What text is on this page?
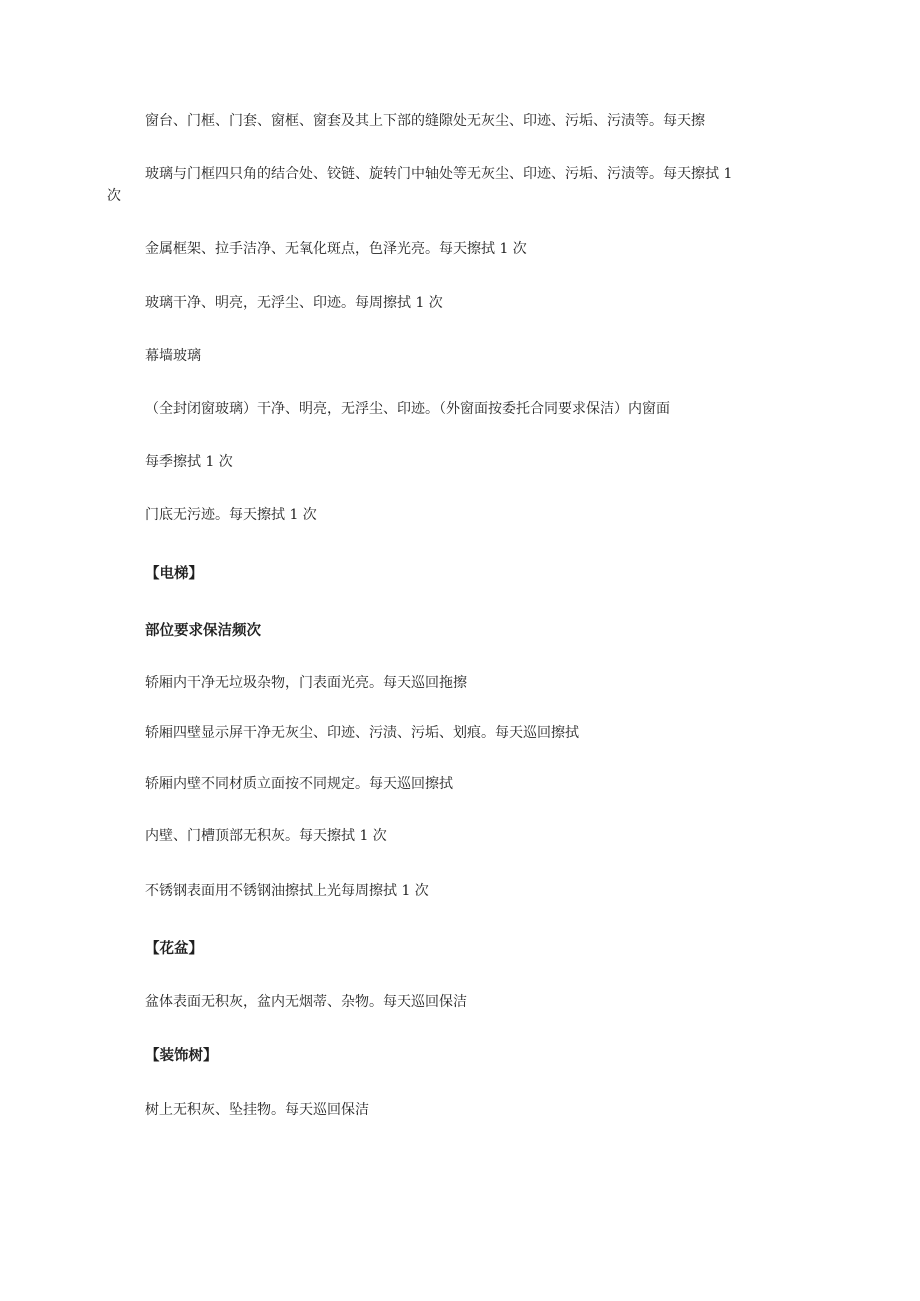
窗台、门框、门套、窗框、窗套及其上下部的缝隙处无灰尘、印迹、污垢、污渍等。每天擦
玻璃与门框四只角的结合处、铰链、旋转门中轴处等无灰尘、印迹、污垢、污渍等。每天擦拭 1
次
金属框架、拉手洁净、无氧化斑点，色泽光亮。每天擦拭 1 次
玻璃干净、明亮，无浮尘、印迹。每周擦拭 1 次
幕墙玻璃
（全封闭窗玻璃）干净、明亮，无浮尘、印迹。（外窗面按委托合同要求保洁）内窗面
每季擦拭 1 次
门底无污迹。每天擦拭 1 次
【电梯】
部位要求保洁频次
轿厢内干净无垃圾杂物，门表面光亮。每天巡回拖擦
轿厢四壁显示屏干净无灰尘、印迹、污渍、污垢、划痕。每天巡回擦拭
轿厢内壁不同材质立面按不同规定。每天巡回擦拭
内壁、门槽顶部无积灰。每天擦拭 1 次
不锈钢表面用不锈钢油擦拭上光每周擦拭 1 次
【花盆】
盆体表面无积灰，盆内无烟蒂、杂物。每天巡回保洁
【装饰树】
树上无积灰、坠挂物。每天巡回保洁
